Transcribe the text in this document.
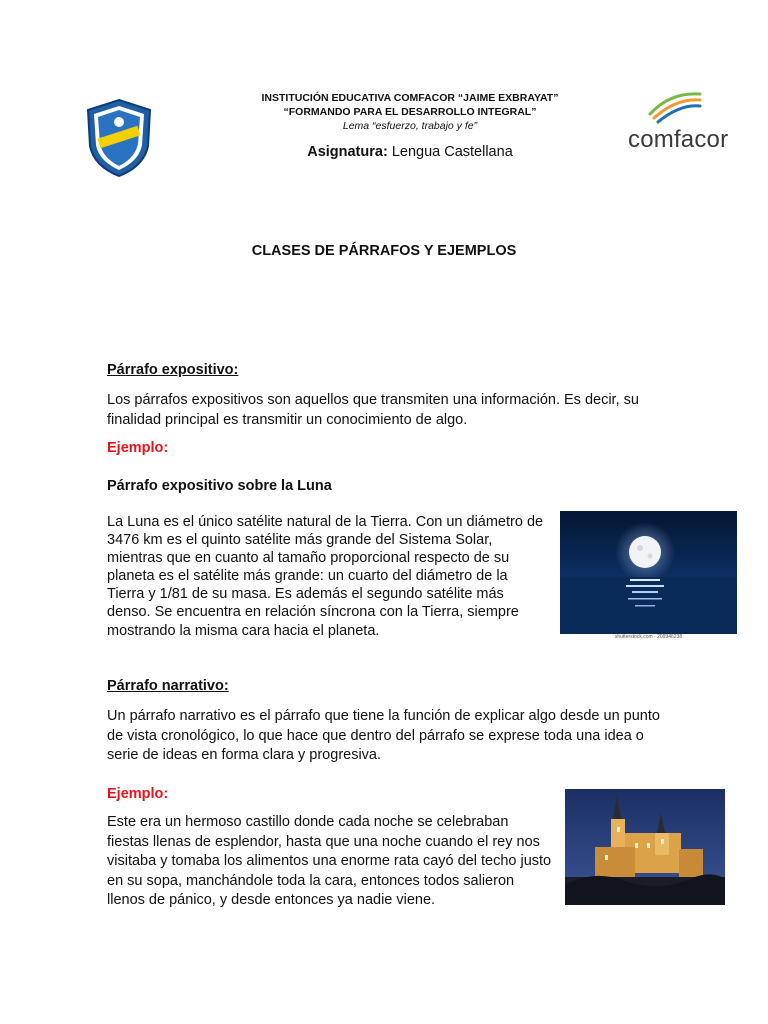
INSTITUCIÓN EDUCATIVA COMFACOR “JAIME EXBRAYAT”
“FORMANDO PARA EL DESARROLLO INTEGRAL”
Lema “esfuerzo, trabajo y fe”
Asignatura: Lengua Castellana	comfacor
CLASES DE PÁRRAFOS Y EJEMPLOS
Párrafo expositivo:
Los párrafos expositivos son aquellos que transmiten una información. Es decir, su finalidad principal es transmitir un conocimiento de algo.
Ejemplo:
Párrafo expositivo sobre la Luna
La Luna es el único satélite natural de la Tierra. Con un diámetro de 3476 km es el quinto satélite más grande del Sistema Solar, mientras que en cuanto al tamaño proporcional respecto de su planeta es el satélite más grande: un cuarto del diámetro de la Tierra y 1/81 de su masa. Es además el segundo satélite más denso. Se encuentra en relación síncrona con la Tierra, siempre mostrando la misma cara hacia el planeta.	shutterstock.com · 209946238
Párrafo narrativo:
Un párrafo narrativo es el párrafo que tiene la función de explicar algo desde un punto de vista cronológico, lo que hace que dentro del párrafo se exprese toda una idea o serie de ideas en forma clara y progresiva.
Ejemplo:
Este era un hermoso castillo donde cada noche se celebraban fiestas llenas de esplendor, hasta que una noche cuando el rey nos visitaba y tomaba los alimentos una enorme rata cayó del techo justo en su sopa, manchándole toda la cara, entonces todos salieron llenos de pánico, y desde entonces ya nadie viene.
